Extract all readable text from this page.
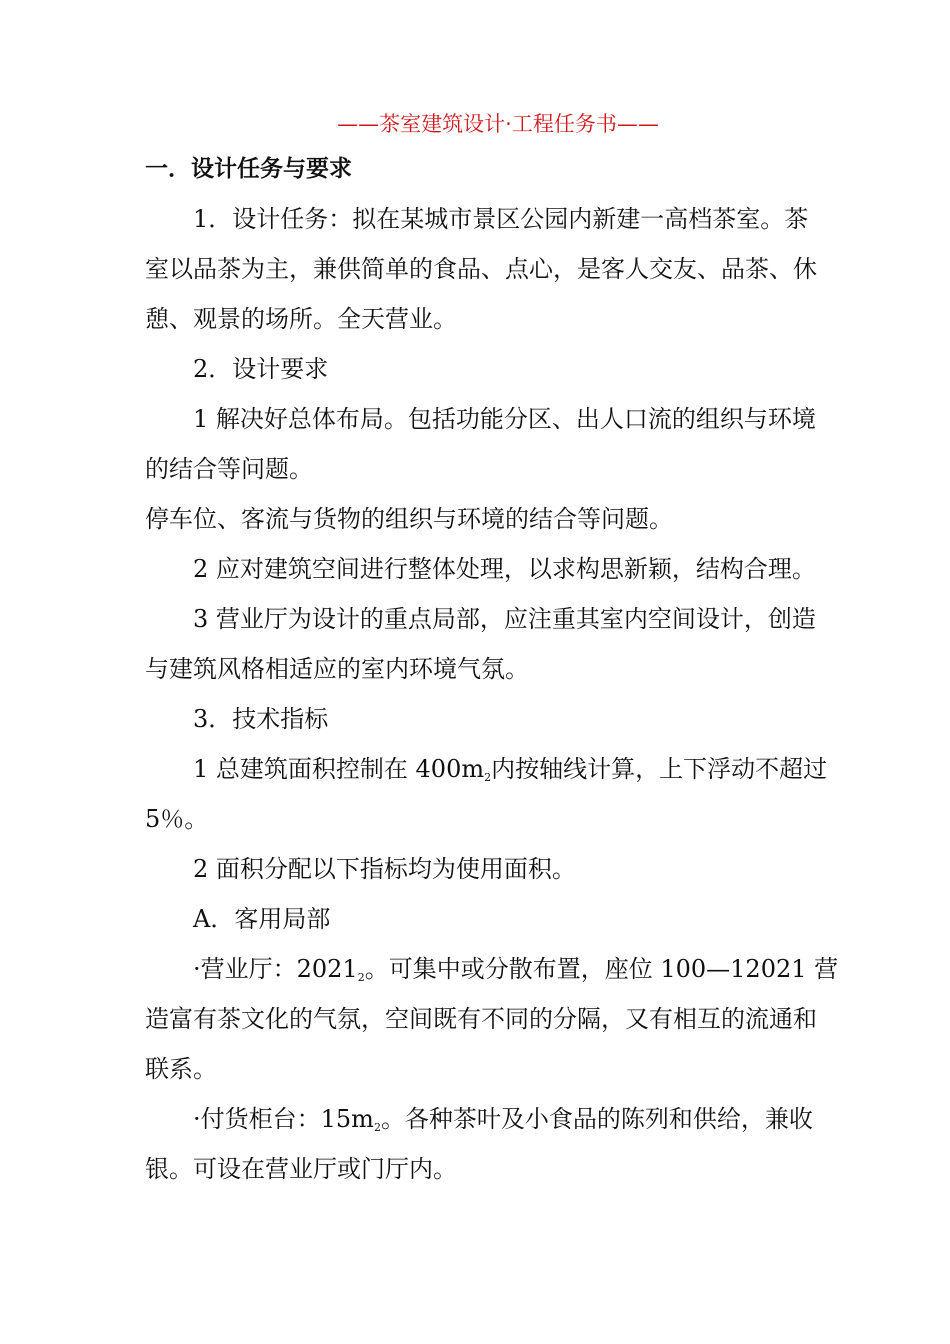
——茶室建筑设计·工程任务书——
一．设计任务与要求
1．设计任务：拟在某城市景区公园内新建一高档茶室。茶
室以品茶为主，兼供简单的食品、点心，是客人交友、品茶、休
憩、观景的场所。全天营业。
2．设计要求
1 解决好总体布局。包括功能分区、出人口流的组织与环境
的结合等问题。
停车位、客流与货物的组织与环境的结合等问题。
2 应对建筑空间进行整体处理，以求构思新颖，结构合理。
3 营业厅为设计的重点局部，应注重其室内空间设计，创造
与建筑风格相适应的室内环境气氛。
3．技术指标
1 总建筑面积控制在 $400m_2$内按轴线计算，上下浮动不超过
5％。
2 面积分配以下指标均为使用面积。
A．客用局部
·营业厅：$2021_2$。可集中或分散布置，座位 100—12021 营
造富有茶文化的气氛，空间既有不同的分隔，又有相互的流通和
联系。
·付货柜台：$15m_2$。各种茶叶及小食品的陈列和供给，兼收
银。可设在营业厅或门厅内。
